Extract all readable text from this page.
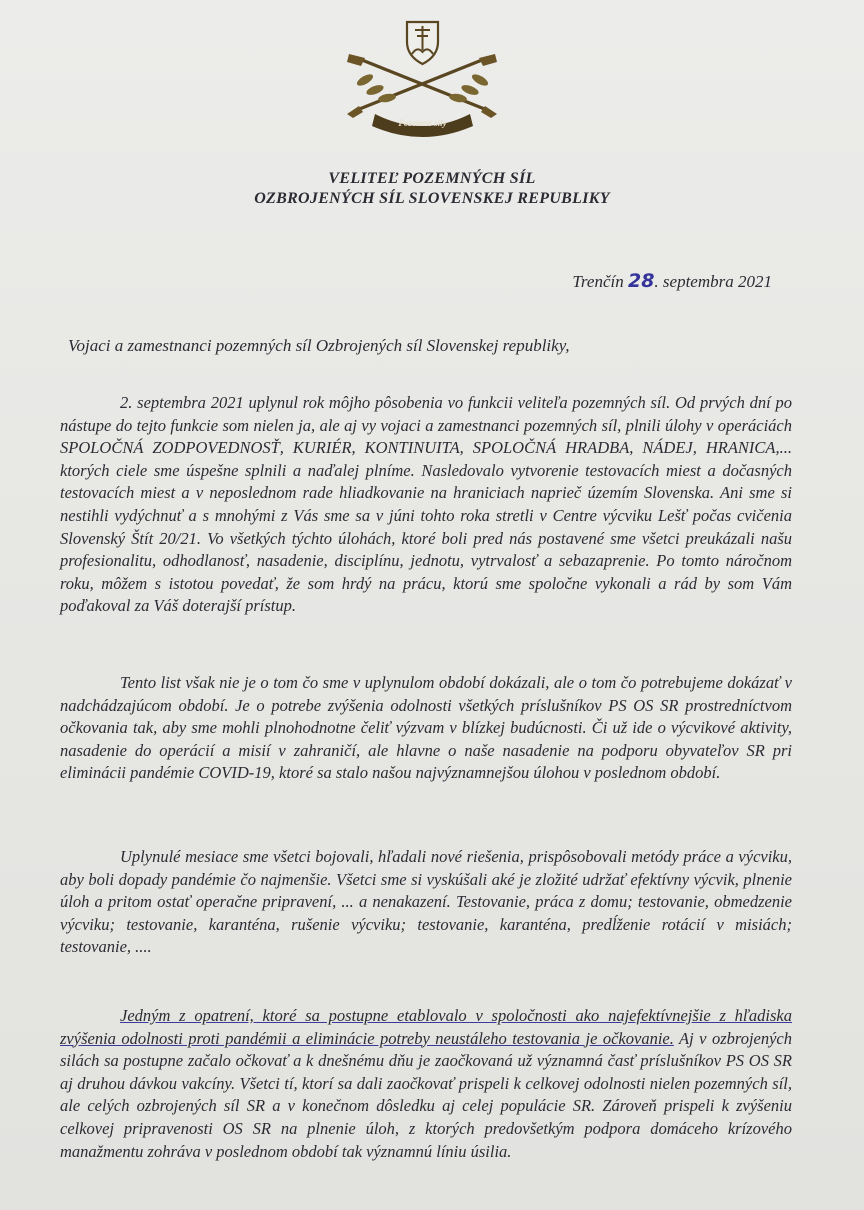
Pozemné sily
VELITEĽ POZEMNÝCH SÍL
OZBROJENÝCH SÍL SLOVENSKEJ REPUBLIKY
Trenčín 28. septembra 2021
Vojaci a zamestnanci pozemných síl Ozbrojených síl Slovenskej republiky,

2. septembra 2021 uplynul rok môjho pôsobenia vo funkcii veliteľa pozemných síl. Od prvých dní po nástupe do tejto funkcie som nielen ja, ale aj vy vojaci a zamestnanci pozemných síl, plnili úlohy v operáciách SPOLOČNÁ ZODPOVEDNOSŤ, KURIÉR, KONTINUITA, SPOLOČNÁ HRADBA, NÁDEJ, HRANICA,... ktorých ciele sme úspešne splnili a naďalej plníme. Nasledovalo vytvorenie testovacích miest a dočasných testovacích miest a v neposlednom rade hliadkovanie na hraniciach naprieč územím Slovenska. Ani sme si nestihli vydýchnuť a s mnohými z Vás sme sa v júni tohto roka stretli v Centre výcviku Lešť počas cvičenia Slovenský Štít 20/21. Vo všetkých týchto úlohách, ktoré boli pred nás postavené sme všetci preukázali našu profesionalitu, odhodlanosť, nasadenie, disciplínu, jednotu, vytrvalosť a sebazaprenie. Po tomto náročnom roku, môžem s istotou povedať, že som hrdý na prácu, ktorú sme spoločne vykonali a rád by som Vám poďakoval za Váš doterajší prístup.

Tento list však nie je o tom čo sme v uplynulom období dokázali, ale o tom čo potrebujeme dokázať v nadchádzajúcom období. Je o potrebe zvýšenia odolnosti všetkých príslušníkov PS OS SR prostredníctvom očkovania tak, aby sme mohli plnohodnotne čeliť výzvam v blízkej budúcnosti. Či už ide o výcvikové aktivity, nasadenie do operácií a misií v zahraničí, ale hlavne o naše nasadenie na podporu obyvateľov SR pri eliminácii pandémie COVID-19, ktoré sa stalo našou najvýznamnejšou úlohou v poslednom období.

Uplynulé mesiace sme všetci bojovali, hľadali nové riešenia, prispôsobovali metódy práce a výcviku, aby boli dopady pandémie čo najmenšie. Všetci sme si vyskúšali aké je zložité udržať efektívny výcvik, plnenie úloh a pritom ostať operačne pripravení, ... a nenakazení. Testovanie, práca z domu; testovanie, obmedzenie výcviku; testovanie, karanténa, rušenie výcviku; testovanie, karanténa, predĺženie rotácií v misiách; testovanie, ....

Jedným z opatrení, ktoré sa postupne etablovalo v spoločnosti ako najefektívnejšie z hľadiska zvýšenia odolnosti proti pandémii a eliminácie potreby neustáleho testovania je očkovanie. Aj v ozbrojených silách sa postupne začalo očkovať a k dnešnému dňu je zaočkovaná už významná časť príslušníkov PS OS SR aj druhou dávkou vakcíny. Všetci tí, ktorí sa dali zaočkovať prispeli k celkovej odolnosti nielen pozemných síl, ale celých ozbrojených síl SR a v konečnom dôsledku aj celej populácie SR. Zároveň prispeli k zvýšeniu celkovej pripravenosti OS SR na plnenie úloh, z ktorých predovšetkým podpora domáceho krízového manažmentu zohráva v poslednom období tak významnú líniu úsilia.
